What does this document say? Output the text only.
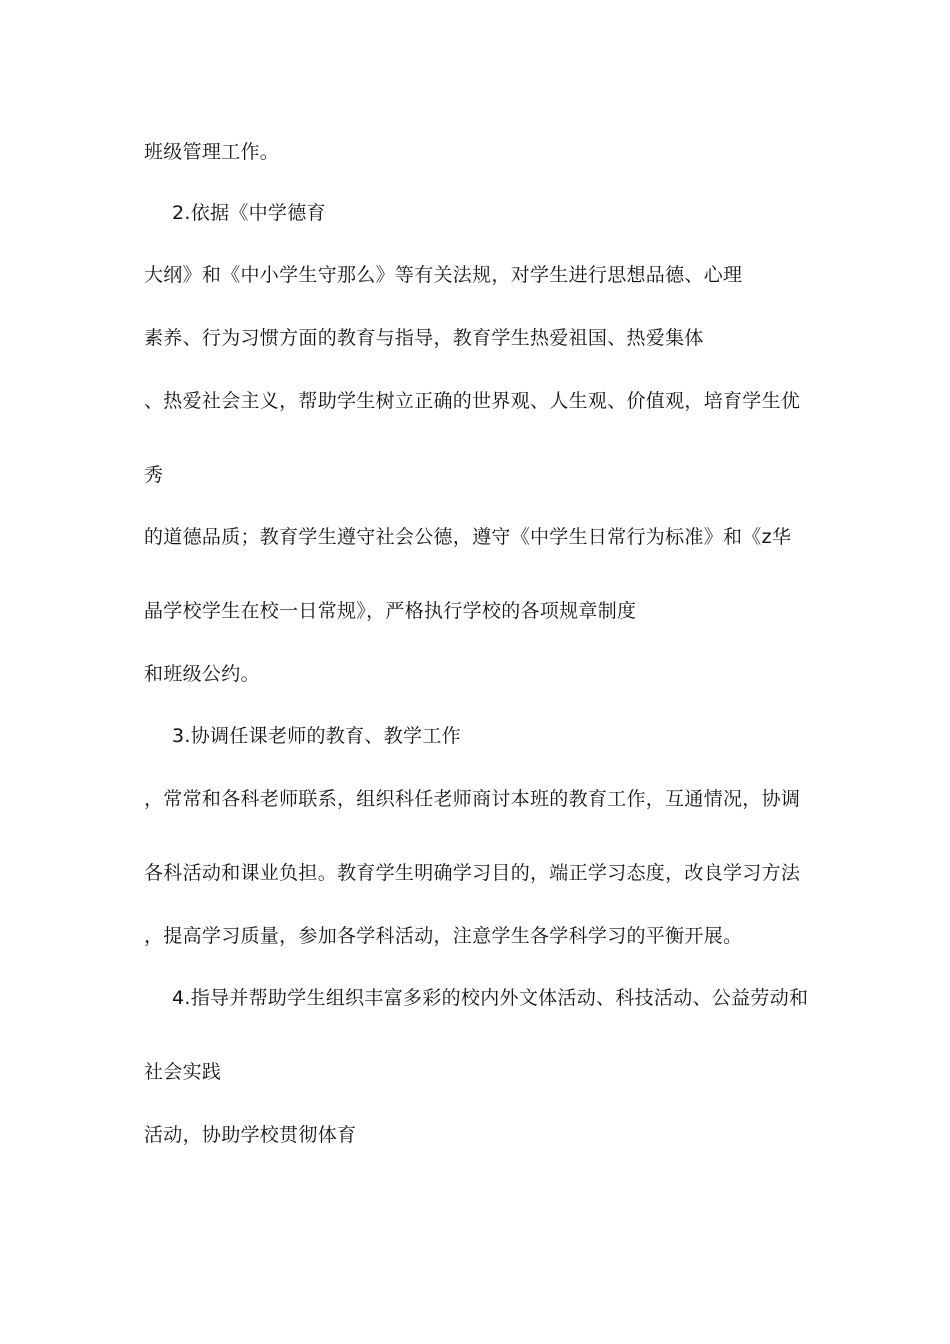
班级管理工作。
2.依据《中学德育
大纲》和《中小学生守那么》等有关法规，对学生进行思想品德、心理
素养、行为习惯方面的教育与指导，教育学生热爱祖国、热爱集体
、热爱社会主义，帮助学生树立正确的世界观、人生观、价值观，培育学生优
秀
的道德品质；教育学生遵守社会公德，遵守《中学生日常行为标准》和《z华
晶学校学生在校一日常规》，严格执行学校的各项规章制度
和班级公约。
3.协调任课老师的教育、教学工作
，常常和各科老师联系，组织科任老师商讨本班的教育工作，互通情况，协调
各科活动和课业负担。教育学生明确学习目的，端正学习态度，改良学习方法
，提高学习质量，参加各学科活动，注意学生各学科学习的平衡开展。
4.指导并帮助学生组织丰富多彩的校内外文体活动、科技活动、公益劳动和
社会实践
活动，协助学校贯彻体育
